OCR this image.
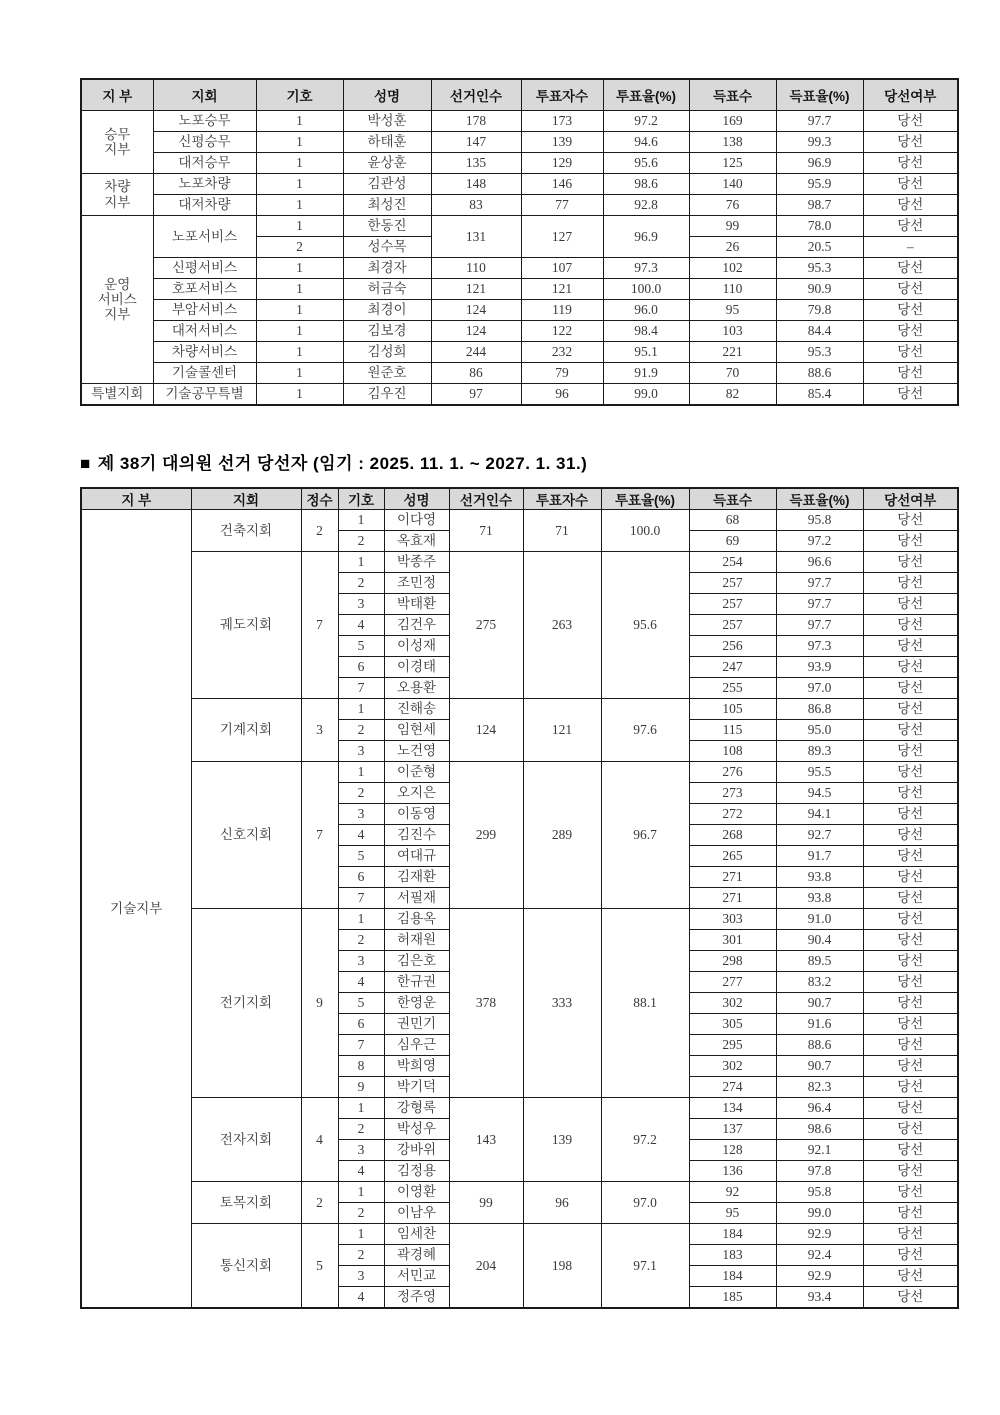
지 부	지회	기호	성명	선거인수	투표자수	투표율(%)	득표수	득표율(%)	당선여부
승무
지부	노포승무	1	박성훈	178	173	97.2	169	97.7	당선
	신평승무	1	하태훈	147	139	94.6	138	99.3	당선
	대저승무	1	윤상훈	135	129	95.6	125	96.9	당선
차량
지부	노포차량	1	김관성	148	146	98.6	140	95.9	당선
	대저차량	1	최성진	83	77	92.8	76	98.7	당선
운영
서비스
지부	노포서비스	1	한동진	131	127	96.9	99	78.0	당선
		2	성수목				26	20.5	–
	신평서비스	1	최경자	110	107	97.3	102	95.3	당선
	호포서비스	1	허금숙	121	121	100.0	110	90.9	당선
	부암서비스	1	최경이	124	119	96.0	95	79.8	당선
	대저서비스	1	김보경	124	122	98.4	103	84.4	당선
	차량서비스	1	김성희	244	232	95.1	221	95.3	당선
	기술콜센터	1	원준호	86	79	91.9	70	88.6	당선
특별지회	기술공무특별	1	김우진	97	96	99.0	82	85.4	당선
■ 제 38기 대의원 선거 당선자 (임기 : 2025. 11. 1. ~ 2027. 1. 31.)
지 부	지회	정수	기호	성명	선거인수	투표자수	투표율(%)	득표수	득표율(%)	당선여부
기술지부	건축지회	2	1	이다영	71	71	100.0	68	95.8	당선
			2	옥효재				69	97.2	당선
	궤도지회	7	1	박종주	275	263	95.6	254	96.6	당선
			2	조민정				257	97.7	당선
			3	박태환				257	97.7	당선
			4	김건우				257	97.7	당선
			5	이성재				256	97.3	당선
			6	이경태				247	93.9	당선
			7	오용환				255	97.0	당선
	기계지회	3	1	진해송	124	121	97.6	105	86.8	당선
			2	임현세				115	95.0	당선
			3	노건영				108	89.3	당선
	신호지회	7	1	이준형	299	289	96.7	276	95.5	당선
			2	오지은				273	94.5	당선
			3	이동영				272	94.1	당선
			4	김진수				268	92.7	당선
			5	여대규				265	91.7	당선
			6	김재환				271	93.8	당선
			7	서필재				271	93.8	당선
	전기지회	9	1	김용옥	378	333	88.1	303	91.0	당선
			2	허재원				301	90.4	당선
			3	김은호				298	89.5	당선
			4	한규권				277	83.2	당선
			5	한영운				302	90.7	당선
			6	권민기				305	91.6	당선
			7	심우근				295	88.6	당선
			8	박희영				302	90.7	당선
			9	박기덕				274	82.3	당선
	전자지회	4	1	강형록	143	139	97.2	134	96.4	당선
			2	박성우				137	98.6	당선
			3	강바위				128	92.1	당선
			4	김정용				136	97.8	당선
	토목지회	2	1	이영환	99	96	97.0	92	95.8	당선
			2	이남우				95	99.0	당선
	통신지회	5	1	임세찬	204	198	97.1	184	92.9	당선
			2	곽경혜				183	92.4	당선
			3	서민교				184	92.9	당선
			4	정주영				185	93.4	당선
